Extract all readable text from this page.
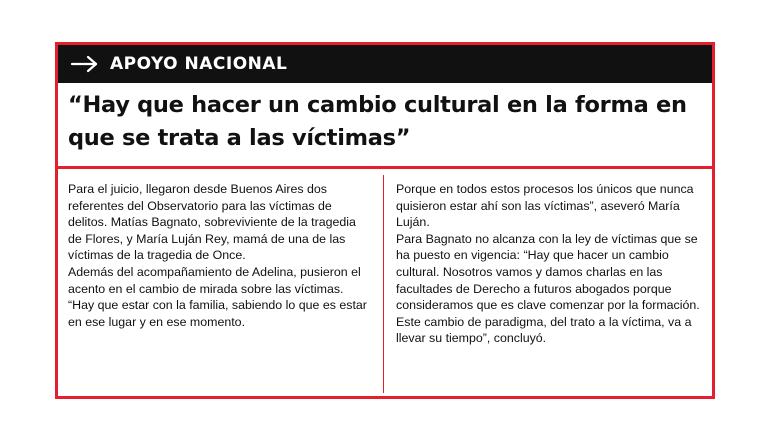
APOYO NACIONAL
“Hay que hacer un cambio cultural en la forma en que se trata a las víctimas”

Para el juicio, llegaron desde Buenos Aires dos referentes del Observatorio para las víctimas de delitos. Matías Bagnato, sobreviviente de la tragedia de Flores, y María Luján Rey, mamá de una de las víctimas de la tragedia de Once.

Además del acompañamiento de Adelina, pusieron el acento en el cambio de mirada sobre las víctimas.

“Hay que estar con la familia, sabiendo lo que es estar en ese lugar y en ese momento.

Porque en todos estos procesos los únicos que nunca quisieron estar ahí son las víctimas”, aseveró María Luján.

Para Bagnato no alcanza con la ley de víctimas que se ha puesto en vigencia: “Hay que hacer un cambio cultural. Nosotros vamos y damos charlas en las facultades de Derecho a futuros abogados porque consideramos que es clave comenzar por la formación. Este cambio de paradigma, del trato a la víctima, va a llevar su tiempo”, concluyó.
